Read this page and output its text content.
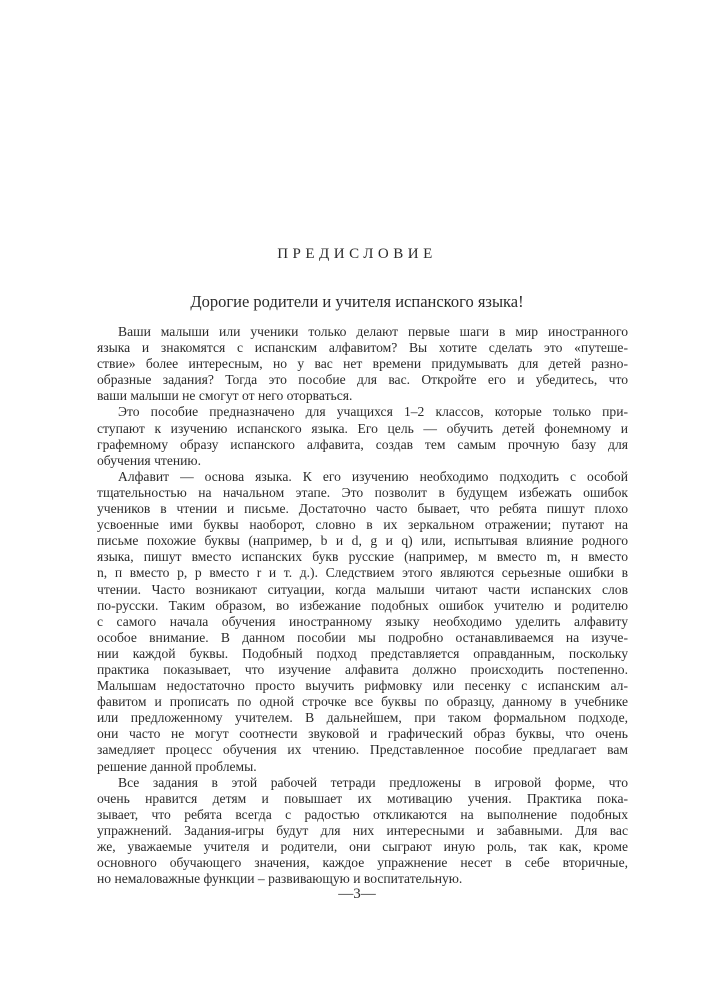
ПРЕДИСЛОВИЕ
Дорогие родители и учителя испанского языка!
Ваши малыши или ученики только делают первые шаги в мир иностранного
языка и знакомятся с испанским алфавитом? Вы хотите сделать это «путеше-
ствие» более интересным, но у вас нет времени придумывать для детей разно-
образные задания? Тогда это пособие для вас. Откройте его и убедитесь, что
ваши малыши не смогут от него оторваться.
Это пособие предназначено для учащихся 1–2 классов, которые только при-
ступают к изучению испанского языка. Его цель — обучить детей фонемному и
графемному образу испанского алфавита, создав тем самым прочную базу для
обучения чтению.
Алфавит — основа языка. К его изучению необходимо подходить с особой
тщательностью на начальном этапе. Это позволит в будущем избежать ошибок
учеников в чтении и письме. Достаточно часто бывает, что ребята пишут плохо
усвоенные ими буквы наоборот, словно в их зеркальном отражении; путают на
письме похожие буквы (например, b и d, g и q) или, испытывая влияние родного
языка, пишут вместо испанских букв русские (например, м вместо m, н вместо
n, п вместо p, р вместо r и т. д.). Следствием этого являются серьезные ошибки в
чтении. Часто возникают ситуации, когда малыши читают части испанских слов
по-русски. Таким образом, во избежание подобных ошибок учителю и родителю
с самого начала обучения иностранному языку необходимо уделить алфавиту
особое внимание. В данном пособии мы подробно останавливаемся на изуче-
нии каждой буквы. Подобный подход представляется оправданным, поскольку
практика показывает, что изучение алфавита должно происходить постепенно.
Малышам недостаточно просто выучить рифмовку или песенку с испанским ал-
фавитом и прописать по одной строчке все буквы по образцу, данному в учебнике
или предложенному учителем. В дальнейшем, при таком формальном подходе,
они часто не могут соотнести звуковой и графический образ буквы, что очень
замедляет процесс обучения их чтению. Представленное пособие предлагает вам
решение данной проблемы.
Все задания в этой рабочей тетради предложены в игровой форме, что
очень нравится детям и повышает их мотивацию учения. Практика пока-
зывает, что ребята всегда с радостью откликаются на выполнение подобных
упражнений. Задания-игры будут для них интересными и забавными. Для вас
же, уважаемые учителя и родители, они сыграют иную роль, так как, кроме
основного обучающего значения, каждое упражнение несет в себе вторичные,
но немаловажные функции – развивающую и воспитательную.
—3—
